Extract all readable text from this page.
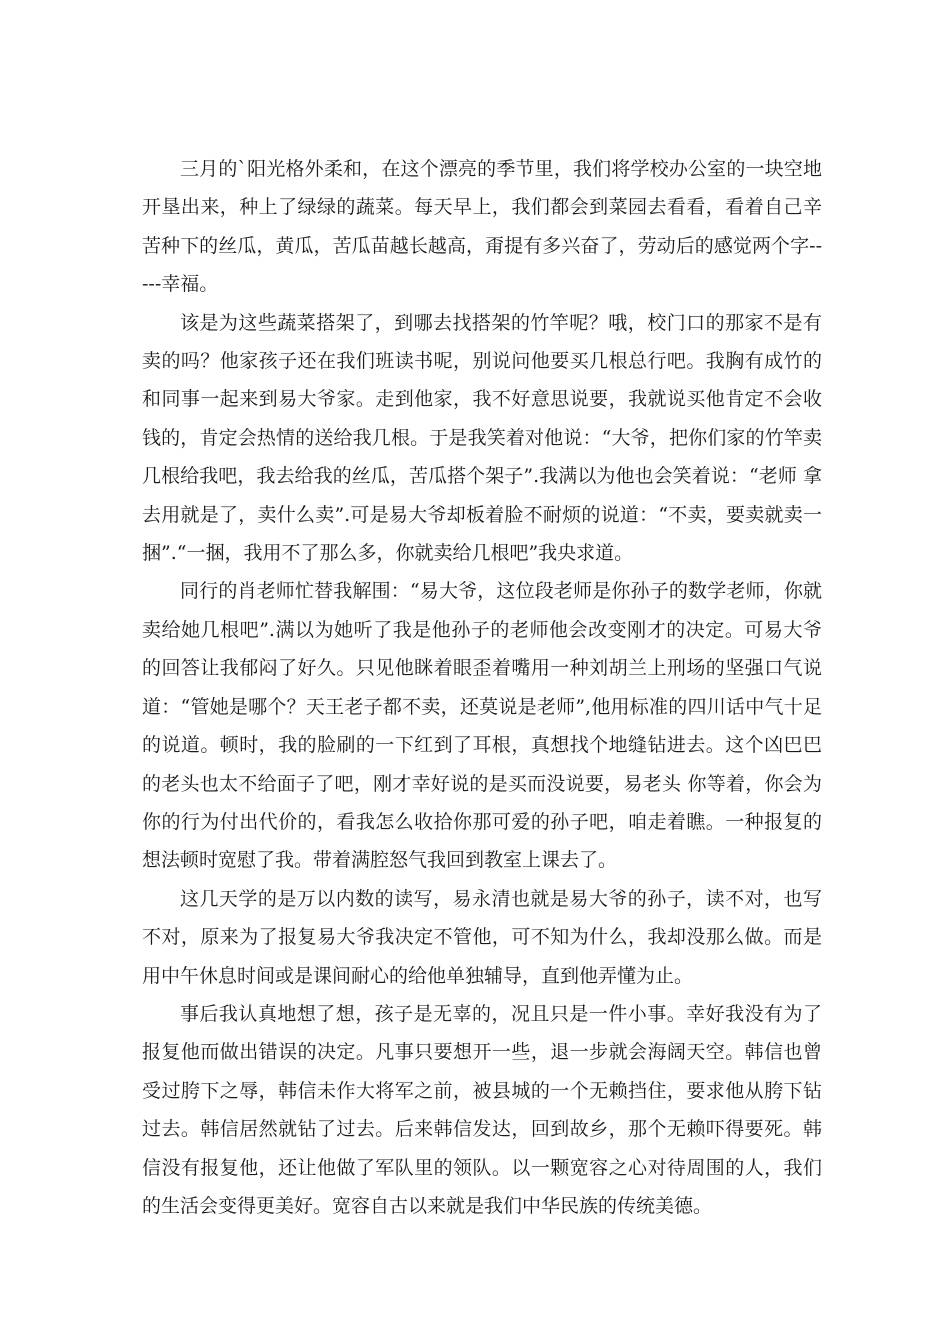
三月的`阳光格外柔和，在这个漂亮的季节里，我们将学校办公室的一块空地开垦出来，种上了绿绿的蔬菜。每天早上，我们都会到菜园去看看，看着自己辛苦种下的丝瓜，黄瓜，苦瓜苗越长越高，甭提有多兴奋了，劳动后的感觉两个字-----幸福。

该是为这些蔬菜搭架了，到哪去找搭架的竹竿呢？哦，校门口的那家不是有卖的吗？他家孩子还在我们班读书呢，别说问他要买几根总行吧。我胸有成竹的和同事一起来到易大爷家。走到他家，我不好意思说要，我就说买他肯定不会收钱的，肯定会热情的送给我几根。于是我笑着对他说：“大爷，把你们家的竹竿卖几根给我吧，我去给我的丝瓜，苦瓜搭个架子”.我满以为他也会笑着说：“老师 拿去用就是了，卖什么卖”.可是易大爷却板着脸不耐烦的说道：“不卖，要卖就卖一捆”.“一捆，我用不了那么多，你就卖给几根吧”我央求道。

同行的肖老师忙替我解围：“易大爷，这位段老师是你孙子的数学老师，你就卖给她几根吧”.满以为她听了我是他孙子的老师他会改变刚才的决定。可易大爷的回答让我郁闷了好久。只见他眯着眼歪着嘴用一种刘胡兰上刑场的坚强口气说道：“管她是哪个？天王老子都不卖，还莫说是老师”,他用标准的四川话中气十足的说道。顿时，我的脸刷的一下红到了耳根，真想找个地缝钻进去。这个凶巴巴的老头也太不给面子了吧，刚才幸好说的是买而没说要，易老头 你等着，你会为你的行为付出代价的，看我怎么收拾你那可爱的孙子吧，咱走着瞧。一种报复的想法顿时宽慰了我。带着满腔怒气我回到教室上课去了。

这几天学的是万以内数的读写，易永清也就是易大爷的孙子，读不对，也写不对，原来为了报复易大爷我决定不管他，可不知为什么，我却没那么做。而是用中午休息时间或是课间耐心的给他单独辅导，直到他弄懂为止。

事后我认真地想了想，孩子是无辜的，况且只是一件小事。幸好我没有为了报复他而做出错误的决定。凡事只要想开一些，退一步就会海阔天空。韩信也曾受过胯下之辱，韩信未作大将军之前，被县城的一个无赖挡住，要求他从胯下钻过去。韩信居然就钻了过去。后来韩信发达，回到故乡，那个无赖吓得要死。韩信没有报复他，还让他做了军队里的领队。以一颗宽容之心对待周围的人，我们的生活会变得更美好。宽容自古以来就是我们中华民族的传统美德。
